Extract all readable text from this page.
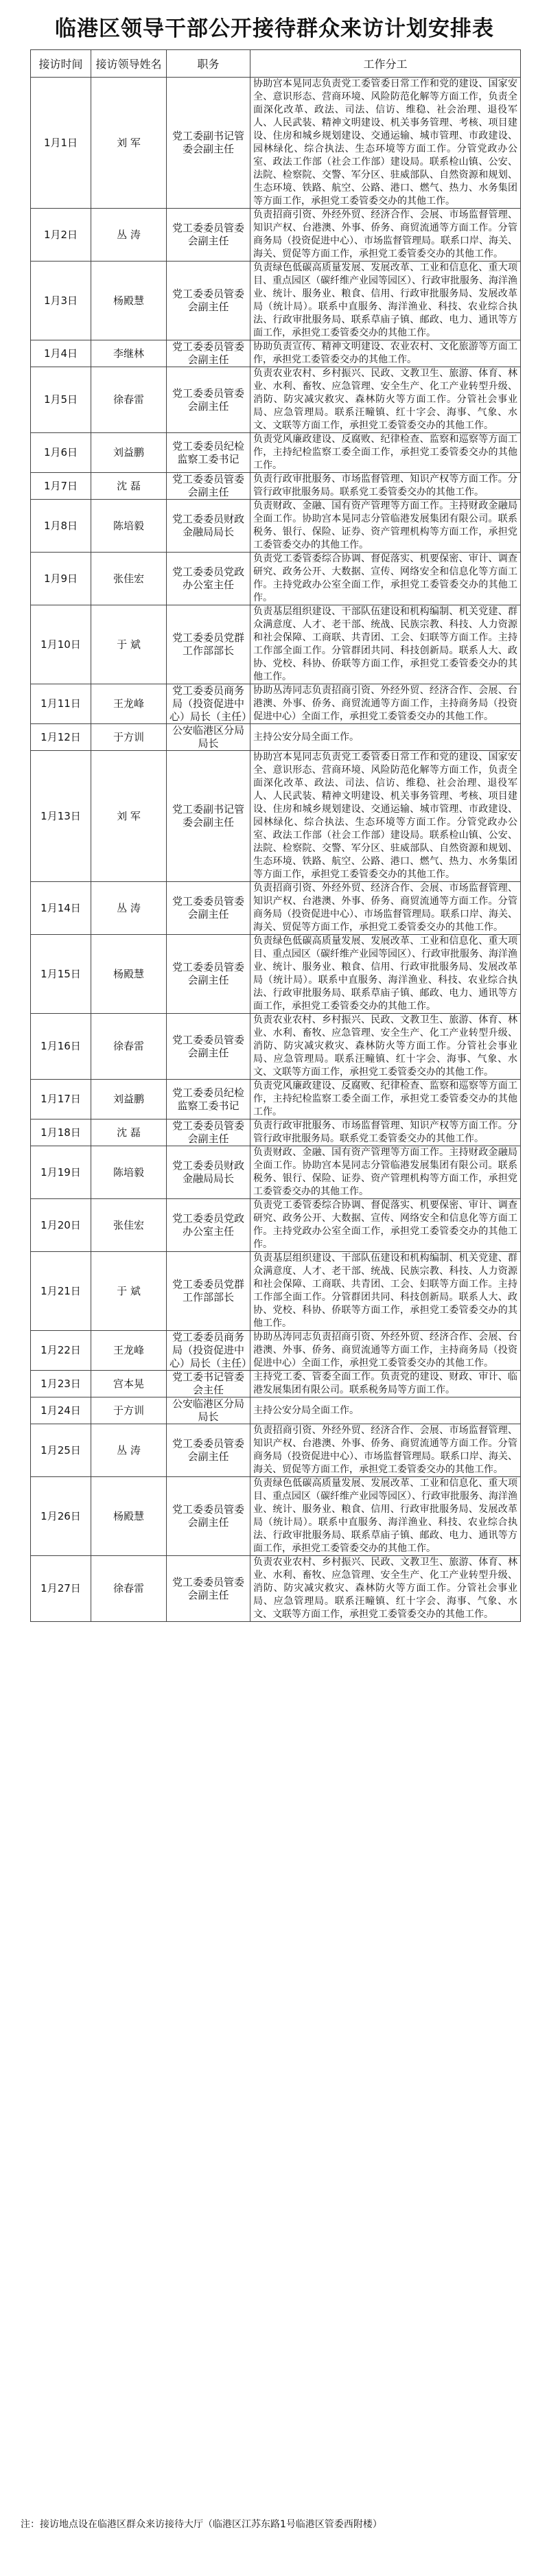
临港区领导干部公开接待群众来访计划安排表
接访时间	接访领导姓名	职务	工作分工
1月1日	刘 军	党工委副书记管委会副主任	协助宫本晃同志负责党工委管委日常工作和党的建设、国家安全、意识形态、营商环境、风险防范化解等方面工作，负责全面深化改革、政法、司法、信访、维稳、社会治理、退役军人、人民武装、精神文明建设、机关事务管理、考核、项目建设、住房和城乡规划建设、交通运输、城市管理、市政建设、园林绿化、综合执法、生态环境等方面工作。分管党政办公室、政法工作部（社会工作部）建设局。联系检山镇、公安、法院、检察院、交警、军分区、驻威部队、自然资源和规划、生态环境、铁路、航空、公路、港口、燃气、热力、水务集团等方面工作，承担党工委管委交办的其他工作。
1月2日	丛 涛	党工委委员管委会副主任	负责招商引资、外经外贸、经济合作、会展、市场监督管理、知识产权、台港澳、外事、侨务、商贸流通等方面工作。分管商务局（投资促进中心）、市场监督管理局。联系口岸、海关、海关、贸促等方面工作，承担党工委管委交办的其他工作。
1月3日	杨殿慧	党工委委员管委会副主任	负责绿色低碳高质量发展、发展改革、工业和信息化、重大项目、重点园区（碳纤维产业园等园区）、行政审批服务、海洋渔业、统计、服务业、粮食、信用、行政审批服务局、发展改革局（统计局）。联系中直服务、海洋渔业、科技、农业综合执法、行政审批服务局、联系草庙子镇、邮政、电力、通讯等方面工作，承担党工委管委交办的其他工作。
1月4日	李继林	党工委委员管委会副主任	协助负责宣传、精神文明建设、农业农村、文化旅游等方面工作，承担党工委管委交办的其他工作。
1月5日	徐春雷	党工委委员管委会副主任	负责农业农村、乡村振兴、民政、文教卫生、旅游、体育、林业、水利、畜牧、应急管理、安全生产、化工产业转型升级、消防、防灾减灾救灾、森林防火等方面工作。分管社会事业局、应急管理局。联系汪疃镇、红十字会、海事、气象、水文、文联等方面工作，承担党工委管委交办的其他工作。
1月6日	刘益鹏	党工委委员纪检监察工委书记	负责党风廉政建设、反腐败、纪律检查、监察和巡察等方面工作，主持纪检监察工委全面工作，承担党工委管委交办的其他工作。
1月7日	沈 磊	党工委委员管委会副主任	负责行政审批服务、市场监督管理、知识产权等方面工作。分管行政审批服务局。联系党工委管委交办的其他工作。
1月8日	陈培毅	党工委委员财政金融局局长	负责财政、金融、国有资产管理等方面工作。主持财政金融局全面工作。协助宫本晃同志分管临港发展集团有限公司。联系税务、银行、保险、证券、资产管理机构等方面工作，承担党工委管委交办的其他工作。
1月9日	张佳宏	党工委委员党政办公室主任	负责党工委管委综合协调、督促落实、机要保密、审计、调查研究、政务公开、大数据、宣传、网络安全和信息化等方面工作。主持党政办公室全面工作，承担党工委管委交办的其他工作。
1月10日	于 斌	党工委委员党群工作部部长	负责基层组织建设、干部队伍建设和机构编制、机关党建、群众满意度、人才、老干部、统战、民族宗教、科技、人力资源和社会保障、工商联、共青团、工会、妇联等方面工作。主持工作部全面工作。分管群团共同、科技创新局。联系人大、政协、党校、科协、侨联等方面工作，承担党工委管委交办的其他工作。
1月11日	王龙峰	党工委委员商务局（投资促进中心）局长（主任）	协助丛涛同志负责招商引资、外经外贸、经济合作、会展、台港澳、外事、侨务、商贸流通等方面工作，主持商务局（投资促进中心）全面工作，承担党工委管委交办的其他工作。
1月12日	于方训	公安临港区分局局长	主持公安分局全面工作。
1月13日	刘 军	党工委副书记管委会副主任	协助宫本晃同志负责党工委管委日常工作和党的建设、国家安全、意识形态、营商环境、风险防范化解等方面工作，负责全面深化改革、政法、司法、信访、维稳、社会治理、退役军人、人民武装、精神文明建设、机关事务管理、考核、项目建设、住房和城乡规划建设、交通运输、城市管理、市政建设、园林绿化、综合执法、生态环境等方面工作。分管党政办公室、政法工作部（社会工作部）建设局。联系检山镇、公安、法院、检察院、交警、军分区、驻威部队、自然资源和规划、生态环境、铁路、航空、公路、港口、燃气、热力、水务集团等方面工作，承担党工委管委交办的其他工作。
1月14日	丛 涛	党工委委员管委会副主任	负责招商引资、外经外贸、经济合作、会展、市场监督管理、知识产权、台港澳、外事、侨务、商贸流通等方面工作。分管商务局（投资促进中心）、市场监督管理局。联系口岸、海关、海关、贸促等方面工作，承担党工委管委交办的其他工作。
1月15日	杨殿慧	党工委委员管委会副主任	负责绿色低碳高质量发展、发展改革、工业和信息化、重大项目、重点园区（碳纤维产业园等园区）、行政审批服务、海洋渔业、统计、服务业、粮食、信用、行政审批服务局、发展改革局（统计局）。联系中直服务、海洋渔业、科技、农业综合执法、行政审批服务局、联系草庙子镇、邮政、电力、通讯等方面工作，承担党工委管委交办的其他工作。
1月16日	徐春雷	党工委委员管委会副主任	负责农业农村、乡村振兴、民政、文教卫生、旅游、体育、林业、水利、畜牧、应急管理、安全生产、化工产业转型升级、消防、防灾减灾救灾、森林防火等方面工作。分管社会事业局、应急管理局。联系汪疃镇、红十字会、海事、气象、水文、文联等方面工作，承担党工委管委交办的其他工作。
1月17日	刘益鹏	党工委委员纪检监察工委书记	负责党风廉政建设、反腐败、纪律检查、监察和巡察等方面工作，主持纪检监察工委全面工作，承担党工委管委交办的其他工作。
1月18日	沈 磊	党工委委员管委会副主任	负责行政审批服务、市场监督管理、知识产权等方面工作。分管行政审批服务局。联系党工委管委交办的其他工作。
1月19日	陈培毅	党工委委员财政金融局局长	负责财政、金融、国有资产管理等方面工作。主持财政金融局全面工作。协助宫本晃同志分管临港发展集团有限公司。联系税务、银行、保险、证券、资产管理机构等方面工作，承担党工委管委交办的其他工作。
1月20日	张佳宏	党工委委员党政办公室主任	负责党工委管委综合协调、督促落实、机要保密、审计、调查研究、政务公开、大数据、宣传、网络安全和信息化等方面工作。主持党政办公室全面工作，承担党工委管委交办的其他工作。
1月21日	于 斌	党工委委员党群工作部部长	负责基层组织建设、干部队伍建设和机构编制、机关党建、群众满意度、人才、老干部、统战、民族宗教、科技、人力资源和社会保障、工商联、共青团、工会、妇联等方面工作。主持工作部全面工作。分管群团共同、科技创新局。联系人大、政协、党校、科协、侨联等方面工作，承担党工委管委交办的其他工作。
1月22日	王龙峰	党工委委员商务局（投资促进中心）局长（主任）	协助丛涛同志负责招商引资、外经外贸、经济合作、会展、台港澳、外事、侨务、商贸流通等方面工作，主持商务局（投资促进中心）全面工作，承担党工委管委交办的其他工作。
1月23日	宫本晃	党工委书记管委会主任	主持党工委、管委全面工作。负责党的建设、财政、审计、临港发展集团有限公司。联系税务局等方面工作。
1月24日	于方训	公安临港区分局局长	主持公安分局全面工作。
1月25日	丛 涛	党工委委员管委会副主任	负责招商引资、外经外贸、经济合作、会展、市场监督管理、知识产权、台港澳、外事、侨务、商贸流通等方面工作。分管商务局（投资促进中心）、市场监督管理局。联系口岸、海关、海关、贸促等方面工作，承担党工委管委交办的其他工作。
1月26日	杨殿慧	党工委委员管委会副主任	负责绿色低碳高质量发展、发展改革、工业和信息化、重大项目、重点园区（碳纤维产业园等园区）、行政审批服务、海洋渔业、统计、服务业、粮食、信用、行政审批服务局、发展改革局（统计局）。联系中直服务、海洋渔业、科技、农业综合执法、行政审批服务局、联系草庙子镇、邮政、电力、通讯等方面工作，承担党工委管委交办的其他工作。
1月27日	徐春雷	党工委委员管委会副主任	负责农业农村、乡村振兴、民政、文教卫生、旅游、体育、林业、水利、畜牧、应急管理、安全生产、化工产业转型升级、消防、防灾减灾救灾、森林防火等方面工作。分管社会事业局、应急管理局。联系汪疃镇、红十字会、海事、气象、水文、文联等方面工作，承担党工委管委交办的其他工作。

注：接访地点设在临港区群众来访接待大厅（临港区江苏东路1号临港区管委西附楼）
